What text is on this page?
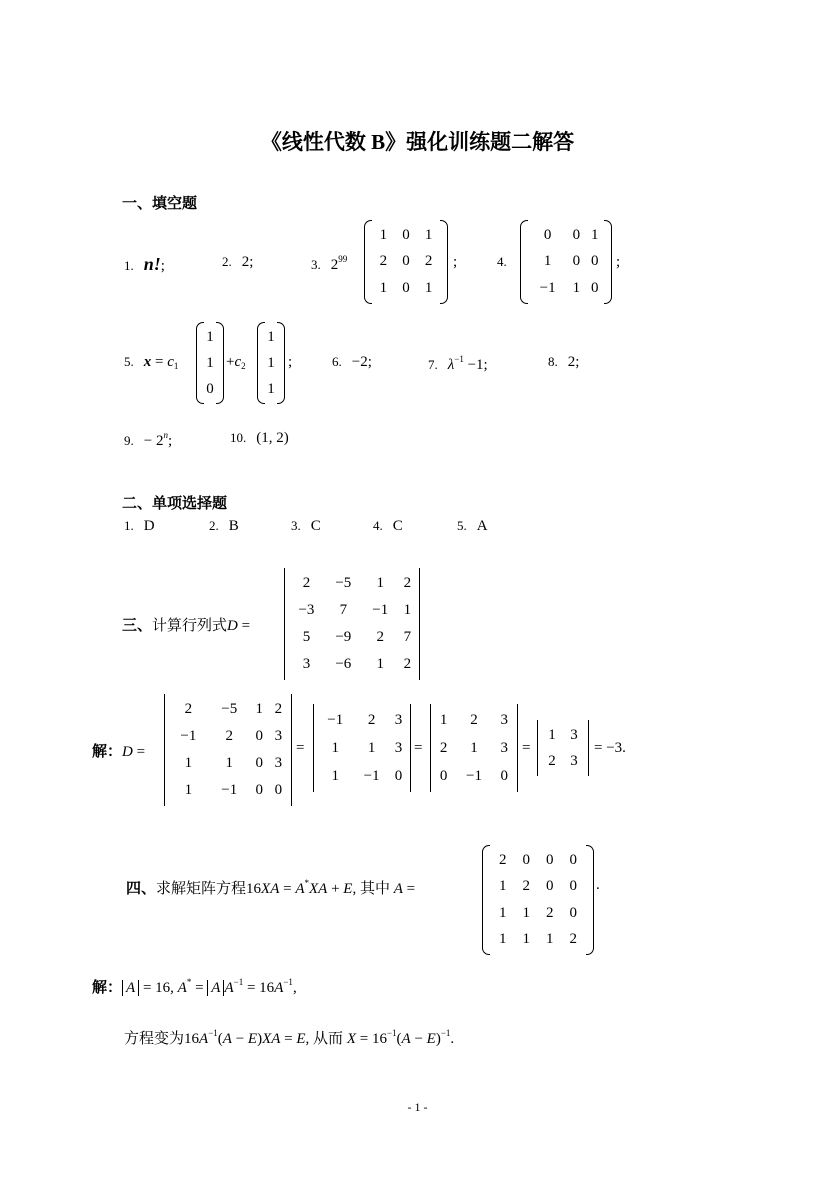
《线性代数 B》强化训练题二解答
一、填空题
1. n!;	2. 2;	3. $2^{99}$
1	0	1
2	0	2
1	0	1
;	4.
0	0	1
1	0	0
−1	1	0
;
5. $x = c_1$
1
1
0
$+c_2$
1
1
1
;	6. −2;	7. $\lambda^{-1} -1$;	8. 2;
9. − $2^n$;	10. (1, 2)
二、单项选择题
1. D	2. B	3. C	4. C	5. A
三、计算行列式D =
2	−5	1	2
−3	7	−1	1
5	−9	2	7
3	−6	1	2
解：D =
2	−5	1	2
−1	2	0	3
1	1	0	3
1	−1	0	0
=
−1	2	3
1	1	3
1	−1	0
=
1	2	3
2	1	3
0	−1	0
=
1	3
2	3
= −3.
四、求解矩阵方程16XA = A*XA + E, 其中 A =
2	0	0	0
1	2	0	0
1	1	2	0
1	1	1	2
.
解： A = 16, A* = A $A^{-1} = 16A^{-1}$,
方程变为$16A^{-1}(A - E)XA = E$, 从而 $X = 16^{-1}(A - E)^{-1}$.
- 1 -
